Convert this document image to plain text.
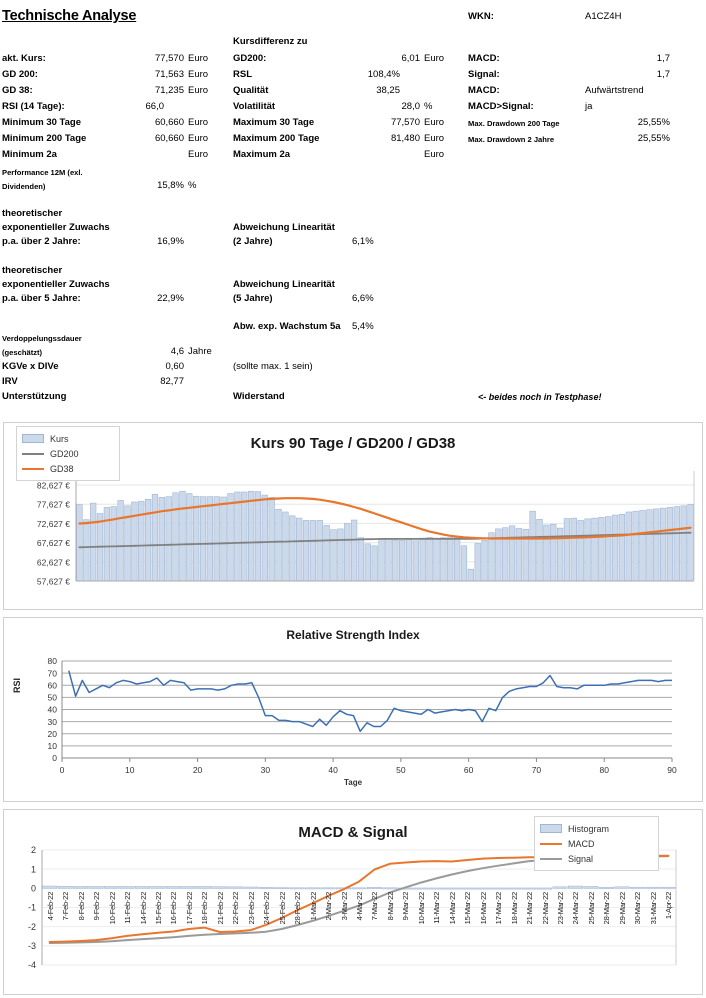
Technische Analyse	WKN:	A1CZ4H
Kursdifferenz zu
akt. Kurs:	77,570 Euro	GD200:	6,01 Euro	MACD:	1,7
GD 200:	71,563 Euro	RSL	108,4%	Signal:	1,7
GD 38:	71,235 Euro	Qualität	38,25	MACD:	Aufwärtstrend
RSI (14 Tage):	66,0	Volatilität	28,0 %	MACD>Signal:	ja
Minimum 30 Tage	60,660 Euro	Maximum 30 Tage	77,570 Euro	Max. Drawdown 200 Tage	25,55%
Minimum 200 Tage	60,660 Euro	Maximum 200 Tage	81,480 Euro	Max. Drawdown 2 Jahre	25,55%
Minimum 2a	Euro	Maximum 2a	Euro
Performance 12M (exl.
Dividenden)	15,8% %
theoretischer
exponentieller Zuwachs
p.a. über 2 Jahre:	16,9%
Abweichung Linearität
(2 Jahre)	6,1%
theoretischer
exponentieller Zuwachs
p.a. über 5 Jahre:	22,9%
Abweichung Linearität
(5 Jahre)	6,6%
Abw. exp. Wachstum 5a 5,4%
Verdoppelungssdauer
(geschätzt)	4,6 Jahre
KGVe x DIVe	0,60	(sollte max. 1 sein)
IRV	82,77
Unterstützung	Widerstand	<- beides noch in Testphase!
Kurs 90 Tage / GD200 / GD38
57,627 €
62,627 €
67,627 €
72,627 €
77,627 €
82,627 €
Kurs
GD200
GD38
Relative Strength Index
RSI
Tage
0
10
20
30
40
50
60
70
80
0	10	20	30	40	50	60	70	80	90
MACD & Signal
-4
-3
-2
-1
0
1
2
Histogram
MACD
Signal
4-Feb-22 7-Feb-22 8-Feb-22 9-Feb-22 10-Feb-22 11-Feb-22 14-Feb-22 15-Feb-22 16-Feb-22 17-Feb-22 18-Feb-22 21-Feb-22 22-Feb-22 23-Feb-22 24-Feb-22 25-Feb-22 28-Feb-22 1-Mar-22 2-Mar-22 3-Mar-22 4-Mar-22 7-Mar-22 8-Mar-22 9-Mar-22 10-Mar-22 11-Mar-22 14-Mar-22 15-Mar-22 16-Mar-22 17-Mar-22 18-Mar-22 21-Mar-22 22-Mar-22 23-Mar-22 24-Mar-22 25-Mar-22 28-Mar-22 29-Mar-22 30-Mar-22 31-Mar-22 1-Apr-22
